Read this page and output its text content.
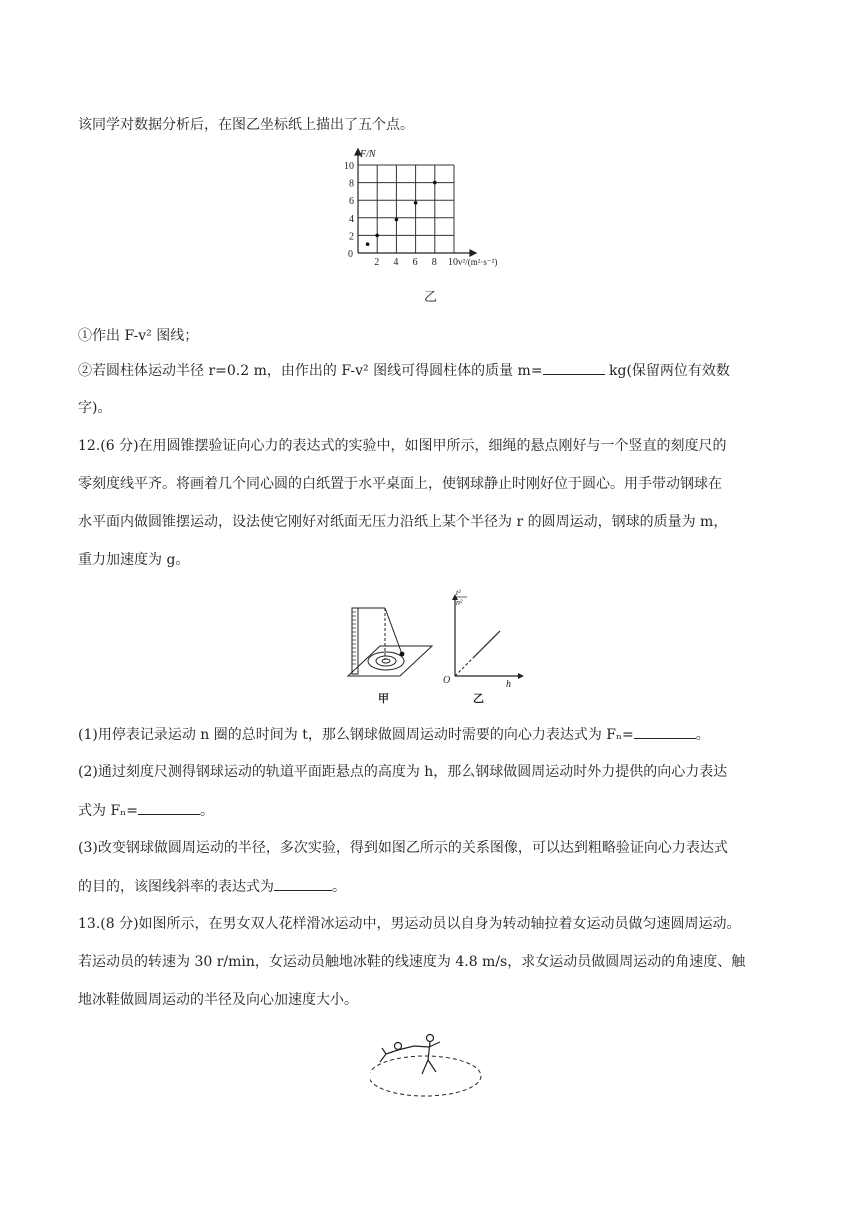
该同学对数据分析后，在图乙坐标纸上描出了五个点。
2 4 6 8 10
2
4
6
8
10
F/N
v²/(m²·s⁻²)
0
乙
①作出 F-v² 图线；
②若圆柱体运动半径 r=0.2 m，由作出的 F-v² 图线可得圆柱体的质量 m=	kg(保留两位有效数
字)。
12.(6 分)在用圆锥摆验证向心力的表达式的实验中，如图甲所示，细绳的悬点刚好与一个竖直的刻度尺的
零刻度线平齐。将画着几个同心圆的白纸置于水平桌面上，使钢球静止时刚好位于圆心。用手带动钢球在
水平面内做圆锥摆运动，设法使它刚好对纸面无压力沿纸上某个半径为 r 的圆周运动，钢球的质量为 m，
重力加速度为 g。
甲
t²
n²
O	h
乙
(1)用停表记录运动 n 圈的总时间为 t，那么钢球做圆周运动时需要的向心力表达式为 Fₙ=	。
(2)通过刻度尺测得钢球运动的轨道平面距悬点的高度为 h，那么钢球做圆周运动时外力提供的向心力表达
式为 Fₙ=	。
(3)改变钢球做圆周运动的半径，多次实验，得到如图乙所示的关系图像，可以达到粗略验证向心力表达式
的目的，该图线斜率的表达式为	。
13.(8 分)如图所示，在男女双人花样滑冰运动中，男运动员以自身为转动轴拉着女运动员做匀速圆周运动。
若运动员的转速为 30 r/min，女运动员触地冰鞋的线速度为 4.8 m/s，求女运动员做圆周运动的角速度、触
地冰鞋做圆周运动的半径及向心加速度大小。
